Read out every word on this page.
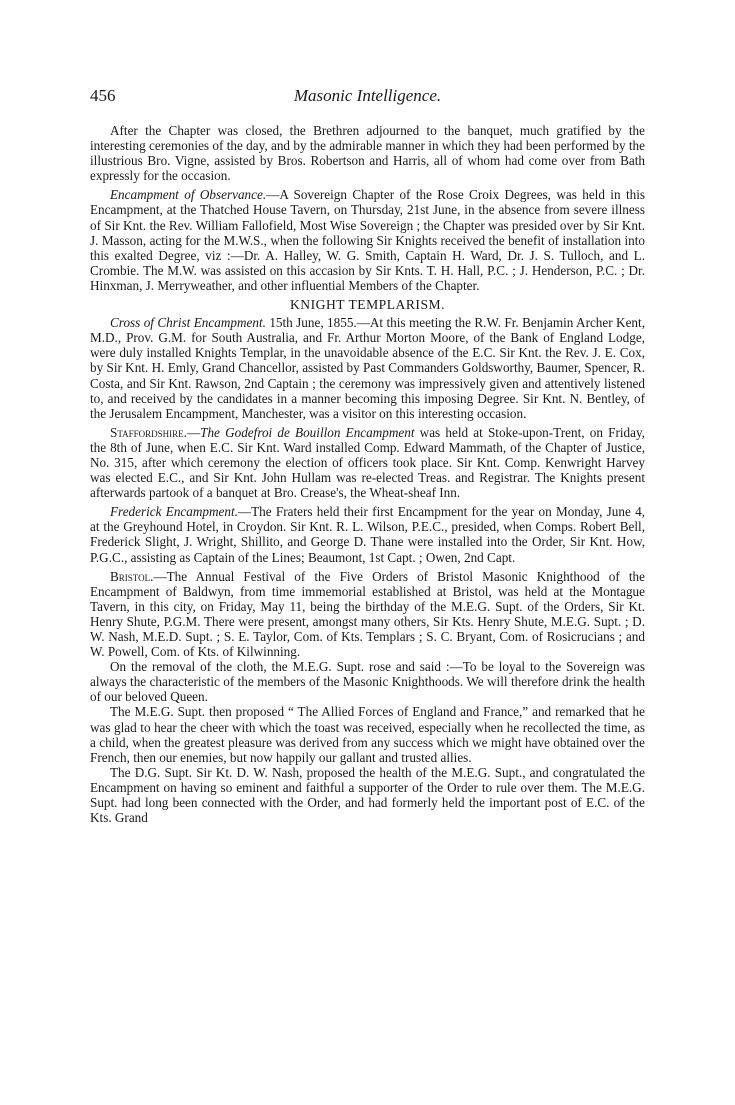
456	Masonic Intelligence.

After the Chapter was closed, the Brethren adjourned to the banquet, much gratified by the interesting ceremonies of the day, and by the admirable manner in which they had been performed by the illustrious Bro. Vigne, assisted by Bros. Robertson and Harris, all of whom had come over from Bath expressly for the occasion.

Encampment of Observance.—A Sovereign Chapter of the Rose Croix Degrees, was held in this Encampment, at the Thatched House Tavern, on Thursday, 21st June, in the absence from severe illness of Sir Knt. the Rev. William Fallofield, Most Wise Sovereign ; the Chapter was presided over by Sir Knt. J. Masson, acting for the M.W.S., when the following Sir Knights received the benefit of installation into this exalted Degree, viz :—Dr. A. Halley, W. G. Smith, Captain H. Ward, Dr. J. S. Tulloch, and L. Crombie. The M.W. was assisted on this accasion by Sir Knts. T. H. Hall, P.C. ; J. Henderson, P.C. ; Dr. Hinxman, J. Merryweather, and other influential Members of the Chapter.

KNIGHT TEMPLARISM.

Cross of Christ Encampment. 15th June, 1855.—At this meeting the R.W. Fr. Benjamin Archer Kent, M.D., Prov. G.M. for South Australia, and Fr. Arthur Morton Moore, of the Bank of England Lodge, were duly installed Knights Templar, in the unavoidable absence of the E.C. Sir Knt. the Rev. J. E. Cox, by Sir Knt. H. Emly, Grand Chancellor, assisted by Past Commanders Goldsworthy, Baumer, Spencer, R. Costa, and Sir Knt. Rawson, 2nd Captain ; the ceremony was impressively given and attentively listened to, and received by the candidates in a manner becoming this imposing Degree. Sir Knt. N. Bentley, of the Jerusalem Encampment, Manchester, was a visitor on this interesting occasion.

Staffordshire.—The Godefroi de Bouillon Encampment was held at Stoke-upon-Trent, on Friday, the 8th of June, when E.C. Sir Knt. Ward installed Comp. Edward Mammath, of the Chapter of Justice, No. 315, after which ceremony the election of officers took place. Sir Knt. Comp. Kenwright Harvey was elected E.C., and Sir Knt. John Hullam was re-elected Treas. and Registrar. The Knights present afterwards partook of a banquet at Bro. Crease's, the Wheat-sheaf Inn.

Frederick Encampment.—The Fraters held their first Encampment for the year on Monday, June 4, at the Greyhound Hotel, in Croydon. Sir Knt. R. L. Wilson, P.E.C., presided, when Comps. Robert Bell, Frederick Slight, J. Wright, Shillito, and George D. Thane were installed into the Order, Sir Knt. How, P.G.C., assisting as Captain of the Lines; Beaumont, 1st Capt. ; Owen, 2nd Capt.

Bristol.—The Annual Festival of the Five Orders of Bristol Masonic Knighthood of the Encampment of Baldwyn, from time immemorial established at Bristol, was held at the Montague Tavern, in this city, on Friday, May 11, being the birthday of the M.E.G. Supt. of the Orders, Sir Kt. Henry Shute, P.G.M. There were present, amongst many others, Sir Kts. Henry Shute, M.E.G. Supt. ; D. W. Nash, M.E.D. Supt. ; S. E. Taylor, Com. of Kts. Templars ; S. C. Bryant, Com. of Rosicrucians ; and W. Powell, Com. of Kts. of Kilwinning.

On the removal of the cloth, the M.E.G. Supt. rose and said :—To be loyal to the Sovereign was always the characteristic of the members of the Masonic Knighthoods. We will therefore drink the health of our beloved Queen.

The M.E.G. Supt. then proposed “ The Allied Forces of England and France,” and remarked that he was glad to hear the cheer with which the toast was received, especially when he recollected the time, as a child, when the greatest pleasure was derived from any success which we might have obtained over the French, then our enemies, but now happily our gallant and trusted allies.

The D.G. Supt. Sir Kt. D. W. Nash, proposed the health of the M.E.G. Supt., and congratulated the Encampment on having so eminent and faithful a supporter of the Order to rule over them. The M.E.G. Supt. had long been connected with the Order, and had formerly held the important post of E.C. of the Kts. Grand
